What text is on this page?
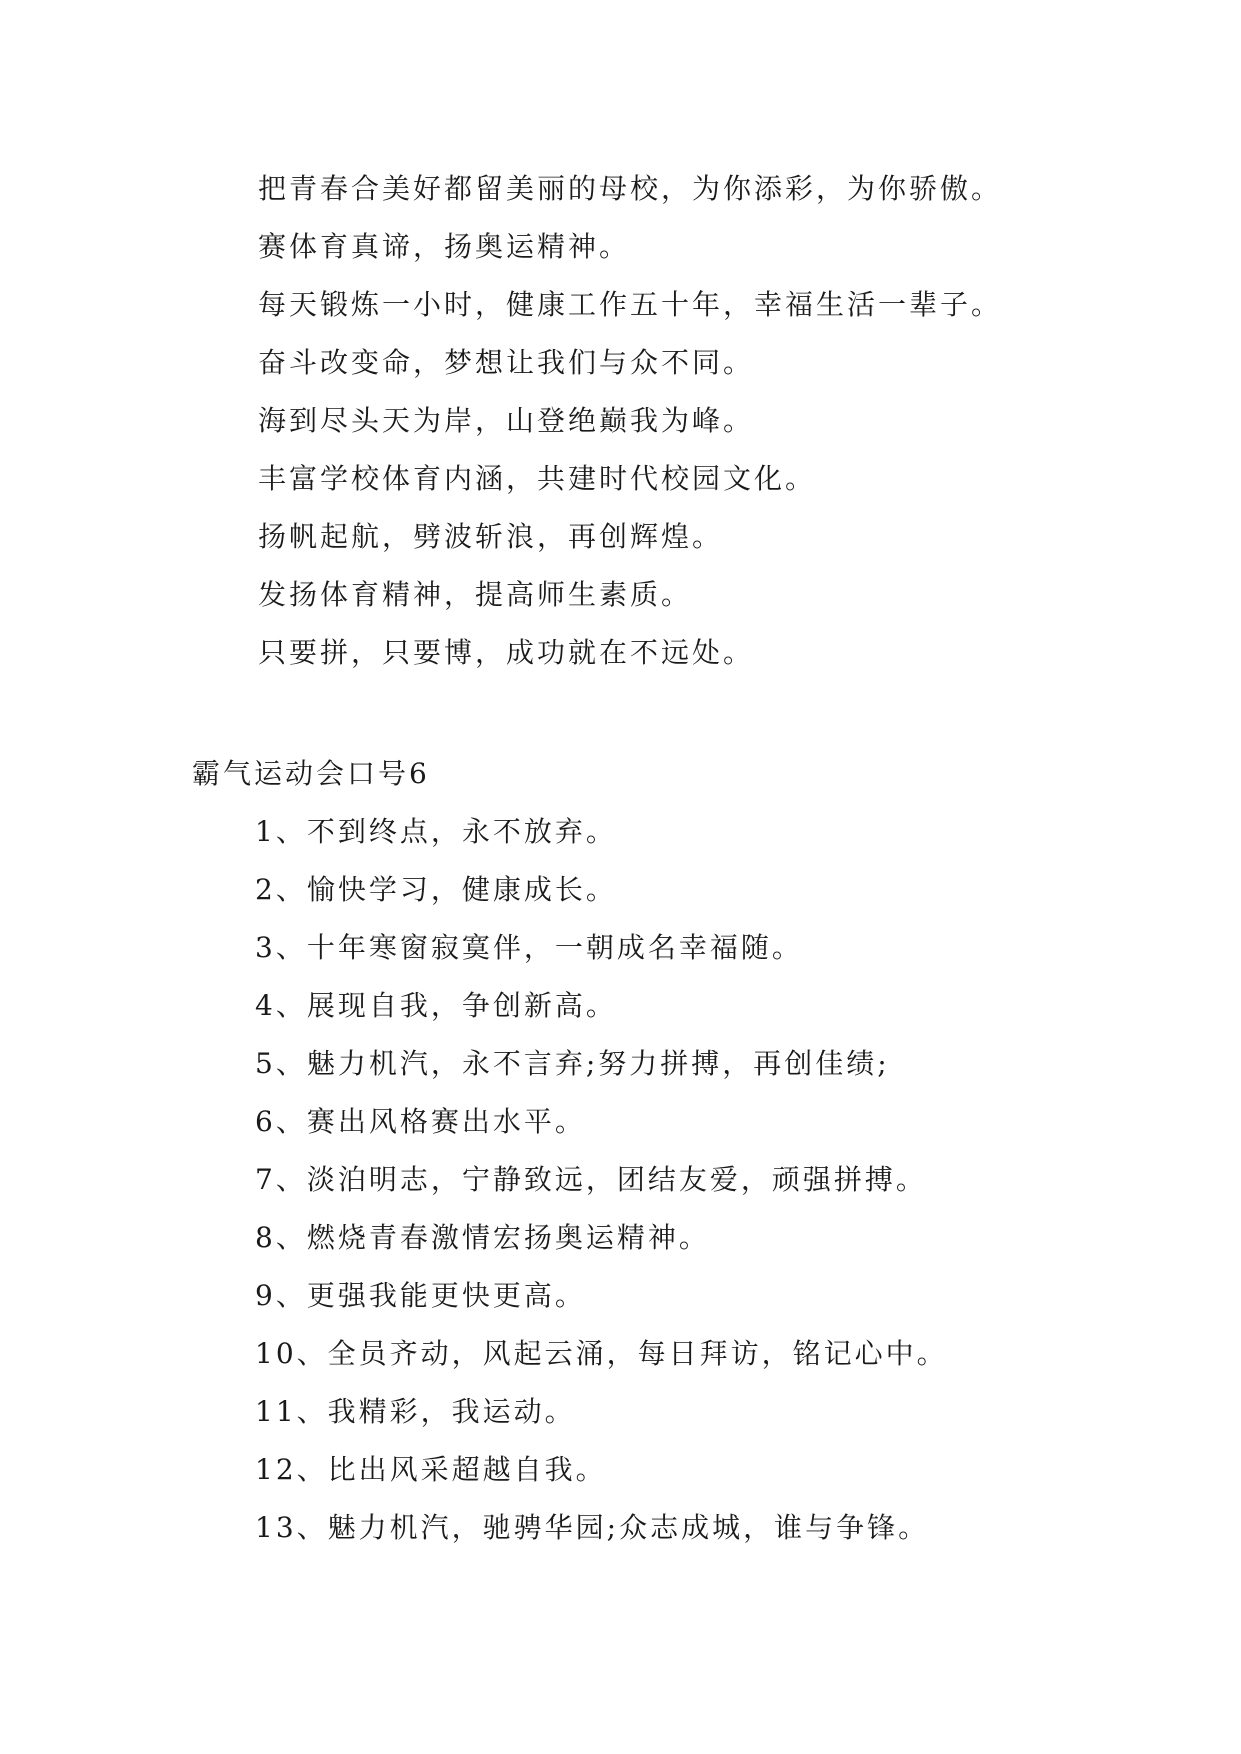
把青春合美好都留美丽的母校，为你添彩，为你骄傲。
赛体育真谛，扬奥运精神。
每天锻炼一小时，健康工作五十年，幸福生活一辈子。
奋斗改变命，梦想让我们与众不同。
海到尽头天为岸，山登绝巅我为峰。
丰富学校体育内涵，共建时代校园文化。
扬帆起航，劈波斩浪，再创辉煌。
发扬体育精神，提高师生素质。
只要拼，只要博，成功就在不远处。
霸气运动会口号6
1、不到终点，永不放弃。
2、愉快学习，健康成长。
3、十年寒窗寂寞伴，一朝成名幸福随。
4、展现自我，争创新高。
5、魅力机汽，永不言弃;努力拼搏，再创佳绩;
6、赛出风格赛出水平。
7、淡泊明志，宁静致远，团结友爱，顽强拼搏。
8、燃烧青春激情宏扬奥运精神。
9、更强我能更快更高。
10、全员齐动，风起云涌，每日拜访，铭记心中。
11、我精彩，我运动。
12、比出风采超越自我。
13、魅力机汽，驰骋华园;众志成城，谁与争锋。
